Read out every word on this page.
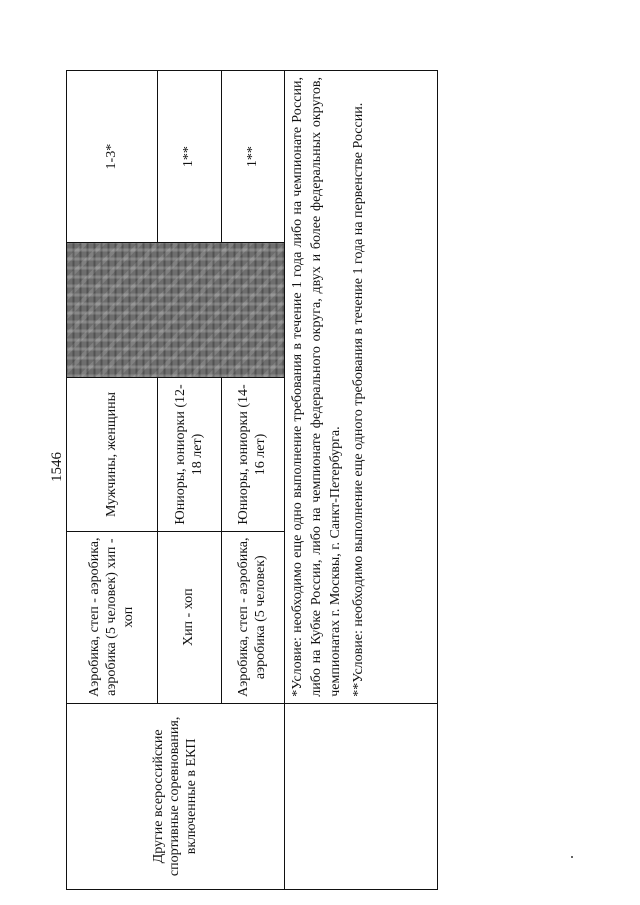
1546
Другие всероссийские спортивные соревнования, включенные в ЕКП	Аэробика, степ - аэробика, аэробика (5 человек) хип - хоп	Мужчины, женщины		1-3*
	Хип - хоп	Юниоры, юниорки (12-18 лет)		1**
	Аэробика, степ - аэробика, аэробика (5 человек)	Юниоры, юниорки (14-16 лет)		1**

	*Условие: необходимо еще одно выполнение требования в течение 1 года либо на чемпионате России, либо на Кубке России, либо на чемпионате федерального округа, двух и более федеральных округов, чемпионатах г. Москвы, г. Санкт-Петербурга. **Условие: необходимо выполнение еще одного требования в течение 1 года на первенстве России.			
